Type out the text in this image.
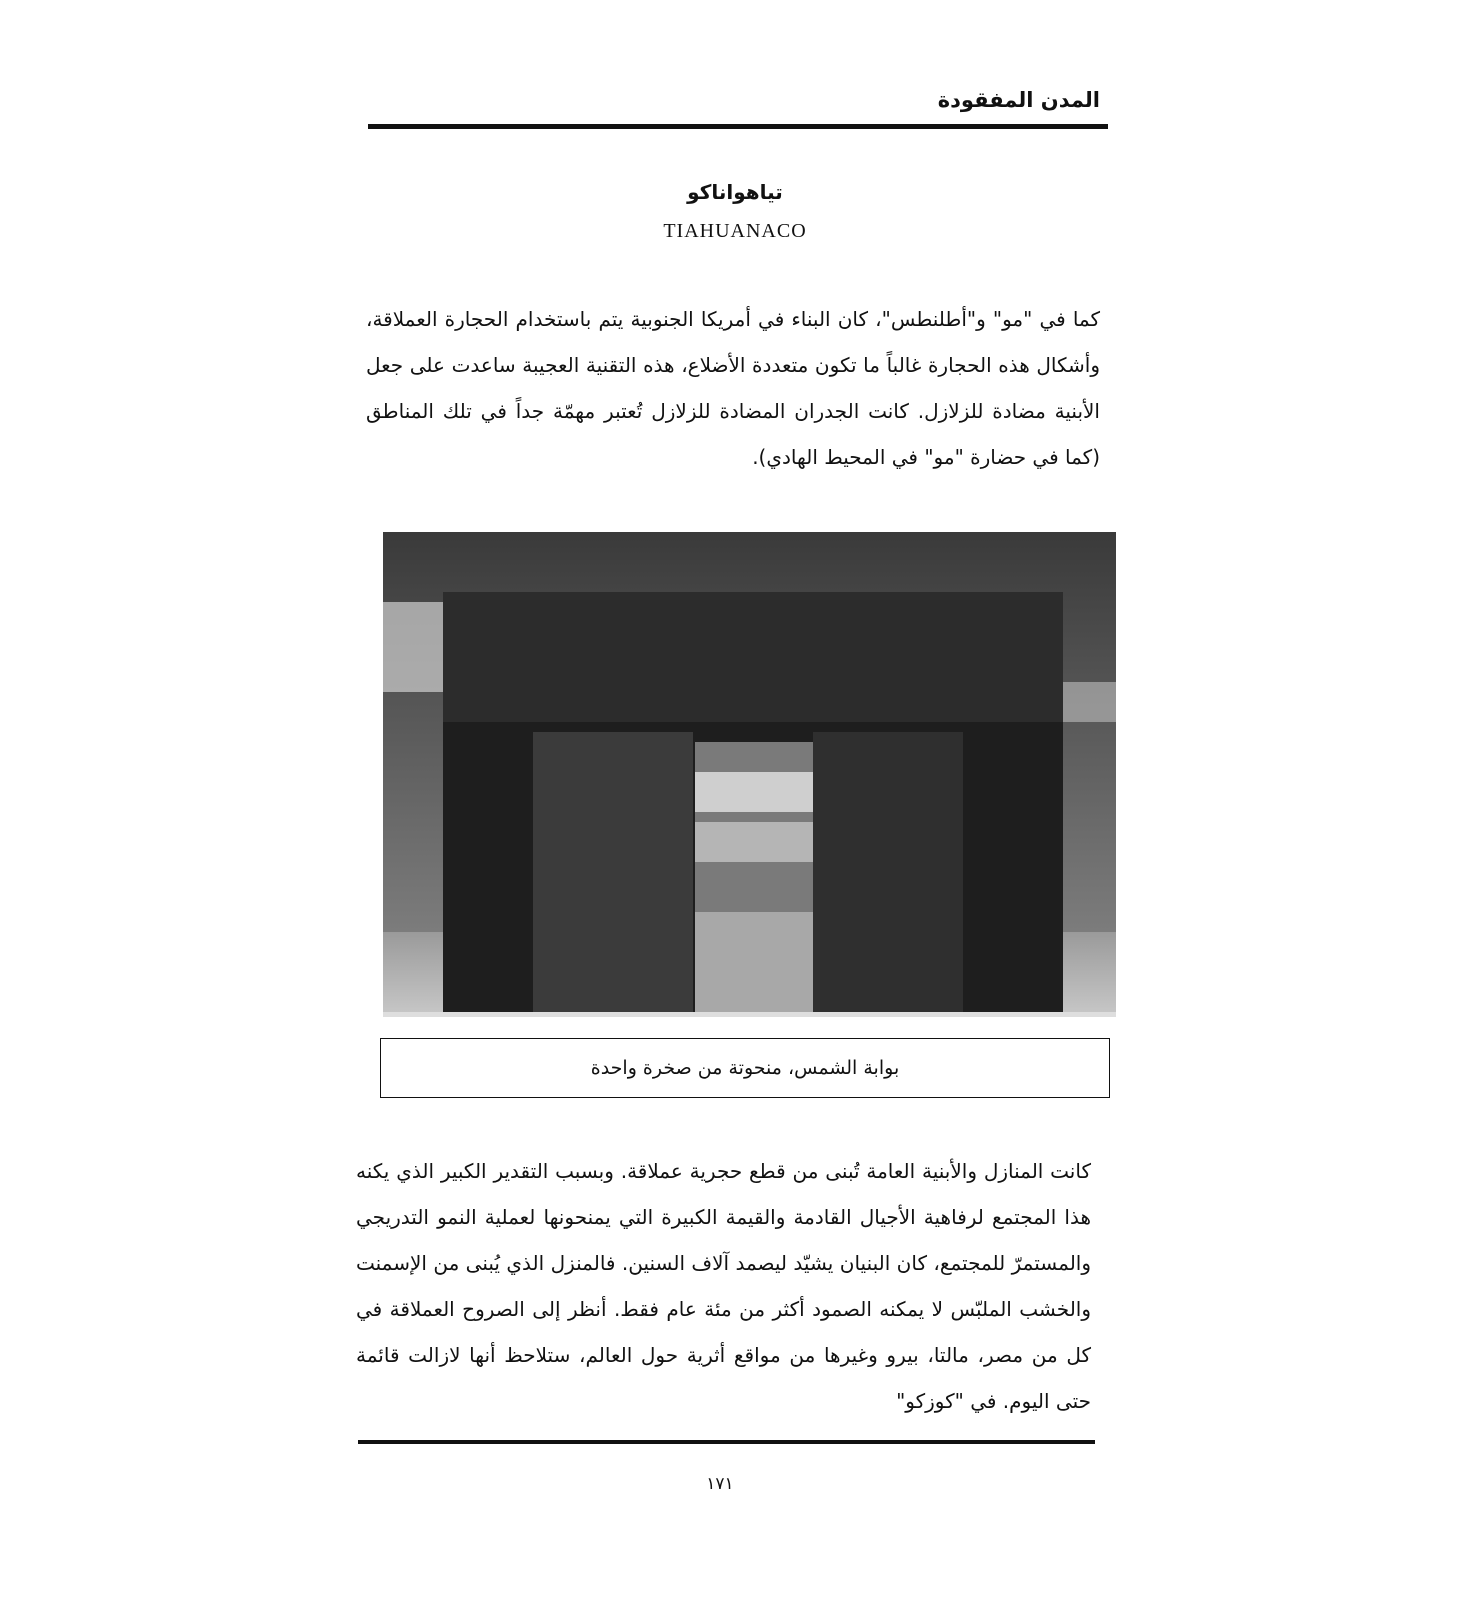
المدن المفقودة
تياهواناكو
TIAHUANACO
كما في "مو" و"أطلنطس"، كان البناء في أمريكا الجنوبية يتم باستخدام الحجارة العملاقة، وأشكال هذه الحجارة غالباً ما تكون متعددة الأضلاع، هذه التقنية العجيبة ساعدت على جعل الأبنية مضادة للزلازل. كانت الجدران المضادة للزلازل تُعتبر مهمّة جداً في تلك المناطق (كما في حضارة "مو" في المحيط الهادي).
بوابة الشمس، منحوتة من صخرة واحدة
كانت المنازل والأبنية العامة تُبنى من قطع حجرية عملاقة. وبسبب التقدير الكبير الذي يكنه هذا المجتمع لرفاهية الأجيال القادمة والقيمة الكبيرة التي يمنحونها لعملية النمو التدريجي والمستمرّ للمجتمع، كان البنيان يشيّد ليصمد آلاف السنين. فالمنزل الذي يُبنى من الإسمنت والخشب الملبّس لا يمكنه الصمود أكثر من مئة عام فقط. أنظر إلى الصروح العملاقة في كل من مصر، مالتا، بيرو وغيرها من مواقع أثرية حول العالم، ستلاحظ أنها لازالت قائمة حتى اليوم. في "كوزكو"
١٧١
